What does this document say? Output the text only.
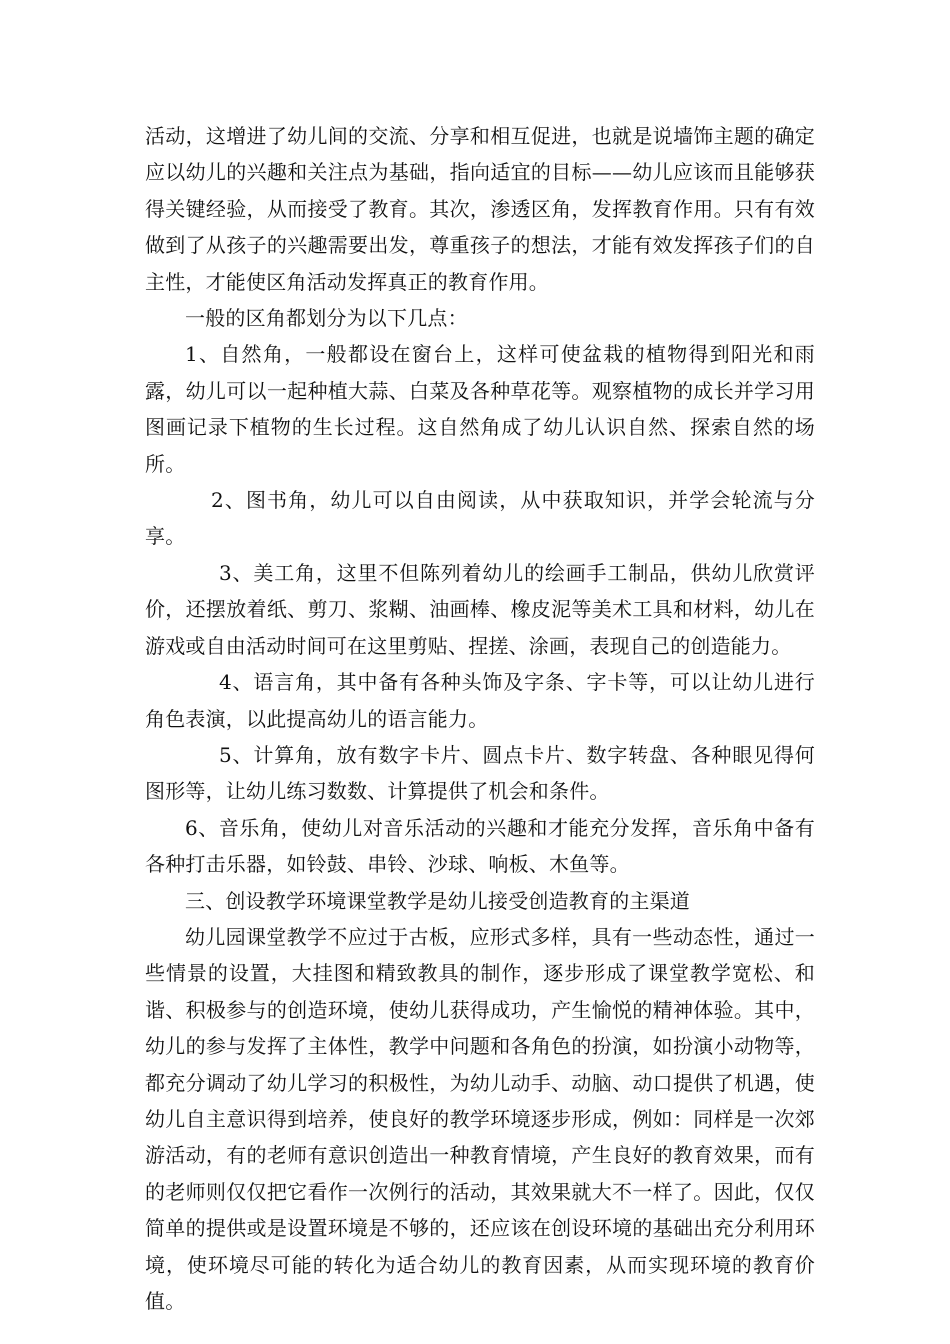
活动，这增进了幼儿间的交流、分享和相互促进，也就是说墙饰主题的确定应以幼儿的兴趣和关注点为基础，指向适宜的目标——幼儿应该而且能够获得关键经验，从而接受了教育。其次，渗透区角，发挥教育作用。只有有效做到了从孩子的兴趣需要出发，尊重孩子的想法，才能有效发挥孩子们的自主性，才能使区角活动发挥真正的教育作用。

一般的区角都划分为以下几点：

1、自然角，一般都设在窗台上，这样可使盆栽的植物得到阳光和雨露，幼儿可以一起种植大蒜、白菜及各种草花等。观察植物的成长并学习用图画记录下植物的生长过程。这自然角成了幼儿认识自然、探索自然的场所。

2、图书角，幼儿可以自由阅读，从中获取知识，并学会轮流与分享。

3、美工角，这里不但陈列着幼儿的绘画手工制品，供幼儿欣赏评价，还摆放着纸、剪刀、浆糊、油画棒、橡皮泥等美术工具和材料，幼儿在游戏或自由活动时间可在这里剪贴、捏搓、涂画，表现自己的创造能力。

4、语言角，其中备有各种头饰及字条、字卡等，可以让幼儿进行角色表演，以此提高幼儿的语言能力。

5、计算角，放有数字卡片、圆点卡片、数字转盘、各种眼见得何图形等，让幼儿练习数数、计算提供了机会和条件。

6、音乐角，使幼儿对音乐活动的兴趣和才能充分发挥，音乐角中备有各种打击乐器，如铃鼓、串铃、沙球、响板、木鱼等。

三、创设教学环境课堂教学是幼儿接受创造教育的主渠道

幼儿园课堂教学不应过于古板，应形式多样，具有一些动态性，通过一些情景的设置，大挂图和精致教具的制作，逐步形成了课堂教学宽松、和谐、积极参与的创造环境，使幼儿获得成功，产生愉悦的精神体验。其中，幼儿的参与发挥了主体性，教学中问题和各角色的扮演，如扮演小动物等，都充分调动了幼儿学习的积极性，为幼儿动手、动脑、动口提供了机遇，使幼儿自主意识得到培养，使良好的教学环境逐步形成，例如：同样是一次郊游活动，有的老师有意识创造出一种教育情境，产生良好的教育效果，而有的老师则仅仅把它看作一次例行的活动，其效果就大不一样了。因此，仅仅简单的提供或是设置环境是不够的，还应该在创设环境的基础出充分利用环境，使环境尽可能的转化为适合幼儿的教育因素，从而实现环境的教育价值。
